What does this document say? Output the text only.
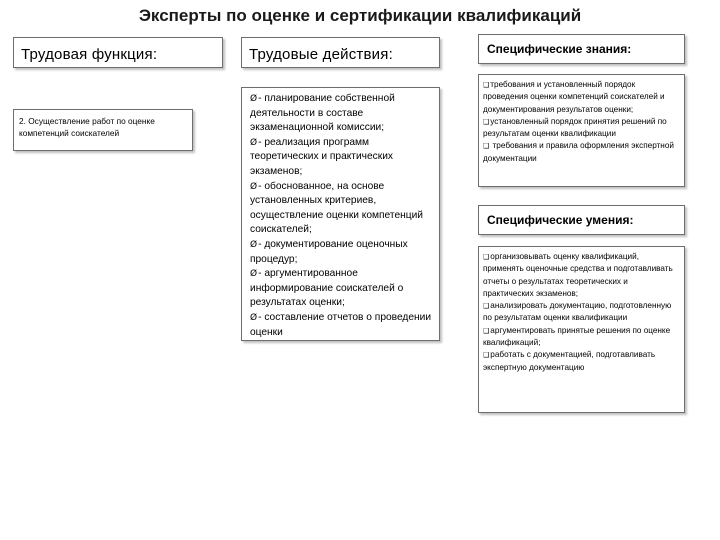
Эксперты по оценке и сертификации квалификаций
Трудовая функция:
2. Осуществление работ по оценке компетенций соискателей
Трудовые действия:

Ø- планирование собственной деятельности в составе экзаменационной комиссии;

Ø- реализация программ теоретических и практических экзаменов;

Ø- обоснованное, на основе установленных критериев, осуществление оценки компетенций соискателей;

Ø- документирование оценочных процедур;

Ø- аргументированное информирование соискателей о результатах оценки;

Ø- составление отчетов о проведении оценки

Специфические знания:

❑требования и установленный порядок проведения оценки компетенций соискателей и документирования результатов оценки;

❑установленный порядок принятия решений по результатам оценки квалификации

❑ требования и правила оформления экспертной документации

Специфические умения:

❑организовывать оценку квалификаций, применять оценочные средства и подготавливать отчеты о результатах теоретических и практических экзаменов;

❑анализировать документацию, подготовленную по результатам оценки квалификации

❑аргументировать принятые решения по оценке квалификаций;

❑работать с документацией, подготавливать экспертную документацию
